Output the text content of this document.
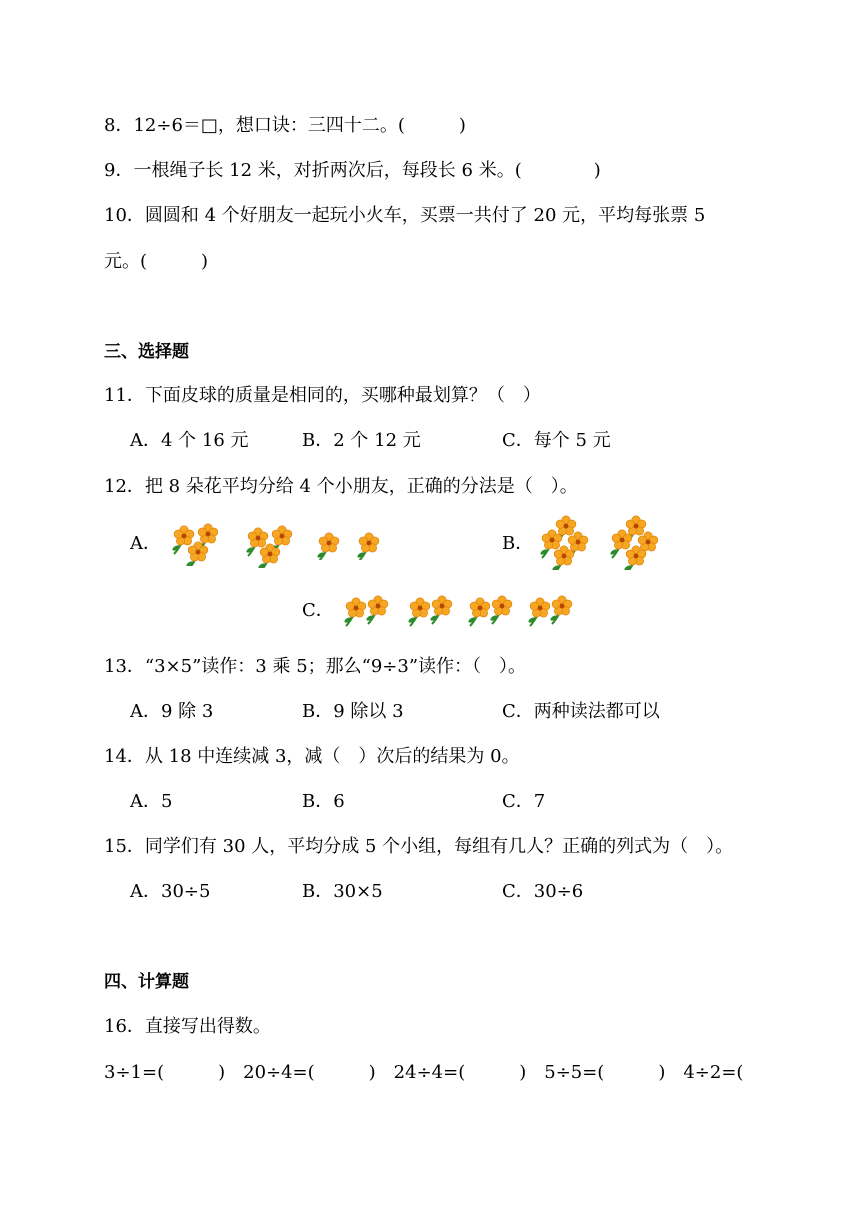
8．12÷6＝□，想口诀：三四十二。(　　　)
9．一根绳子长 12 米，对折两次后，每段长 6 米。(　　　　)
10．圆圆和 4 个好朋友一起玩小火车，买票一共付了 20 元，平均每张票 5
元。(　　　)
三、选择题
11．下面皮球的质量是相同的，买哪种最划算？（　）
A．4 个 16 元	B．2 个 12 元	C．每个 5 元
12．把 8 朵花平均分给 4 个小朋友，正确的分法是（　）。
A．	B．
C．
13．“3×5”读作：3 乘 5；那么“9÷3”读作：（　）。
A．9 除 3	B．9 除以 3	C．两种读法都可以
14．从 18 中连续减 3，减（　）次后的结果为 0。
A．5	B．6	C．7
15．同学们有 30 人，平均分成 5 个小组，每组有几人？正确的列式为（　）。
A．30÷5	B．30×5	C．30÷6
四、计算题
16．直接写出得数。
3÷1=(　　　)　20÷4=(　　　)　24÷4=(　　　)　5÷5=(　　　)　4÷2=(
